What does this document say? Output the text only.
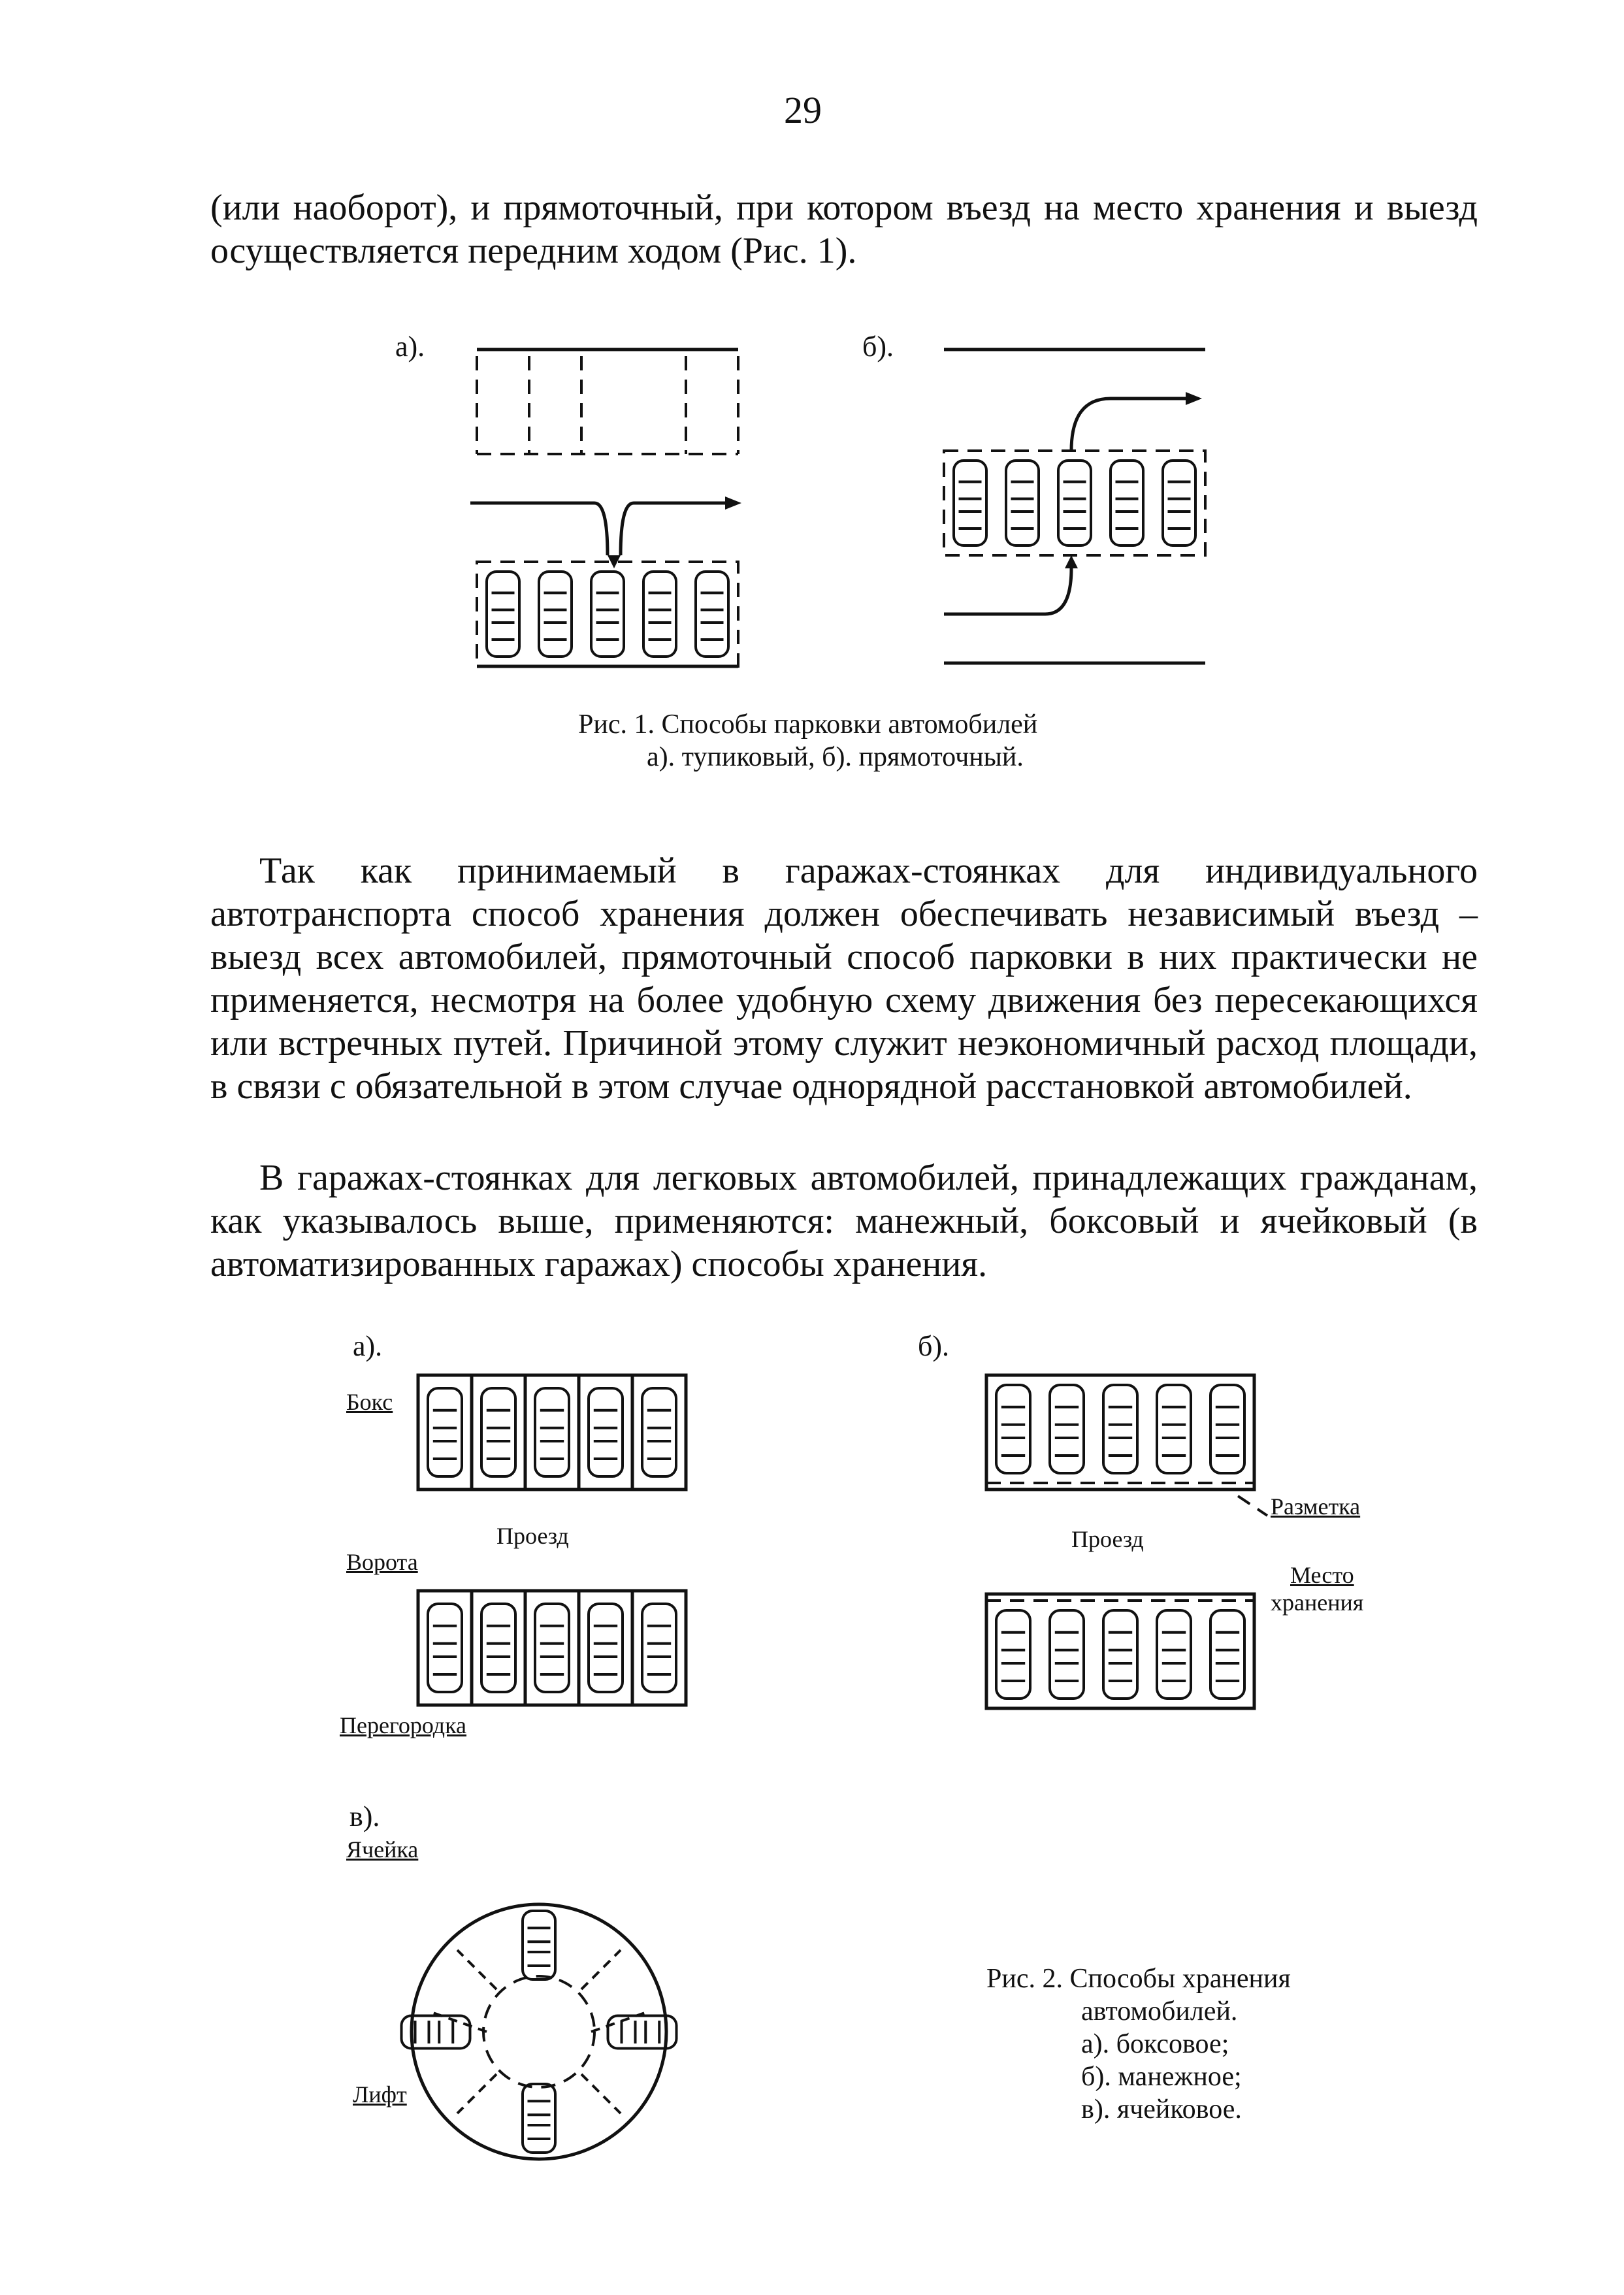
29
(или наоборот), и прямоточный, при котором въезд на место хранения и выезд осуществляется передним ходом (Рис. 1).
а).	б).
Рис. 1. Способы парковки автомобилей
а). тупиковый, б). прямоточный.
Так как принимаемый в гаражах-стоянках для индивидуального автотранспорта способ хранения должен обеспечивать независимый въезд – выезд всех автомобилей, прямоточный способ парковки в них практически не применяется, несмотря на более удобную схему движения без пересекающихся или встречных путей. Причиной этому служит неэкономичный расход площади, в связи с обязательной в этом случае однорядной расстановкой автомобилей.
В гаражах-стоянках для легковых автомобилей, принадлежащих гражданам, как указывалось выше, применяются: манежный, боксовый и ячейковый (в автоматизированных гаражах) способы хранения.
а).	б).
Бокс
Проезд
Ворота
Перегородка
Разметка
Проезд
Место
хранения
в).
Ячейка
Лифт
Рис. 2. Способы хранения
автомобилей.
а). боксовое;
б). манежное;
в). ячейковое.
